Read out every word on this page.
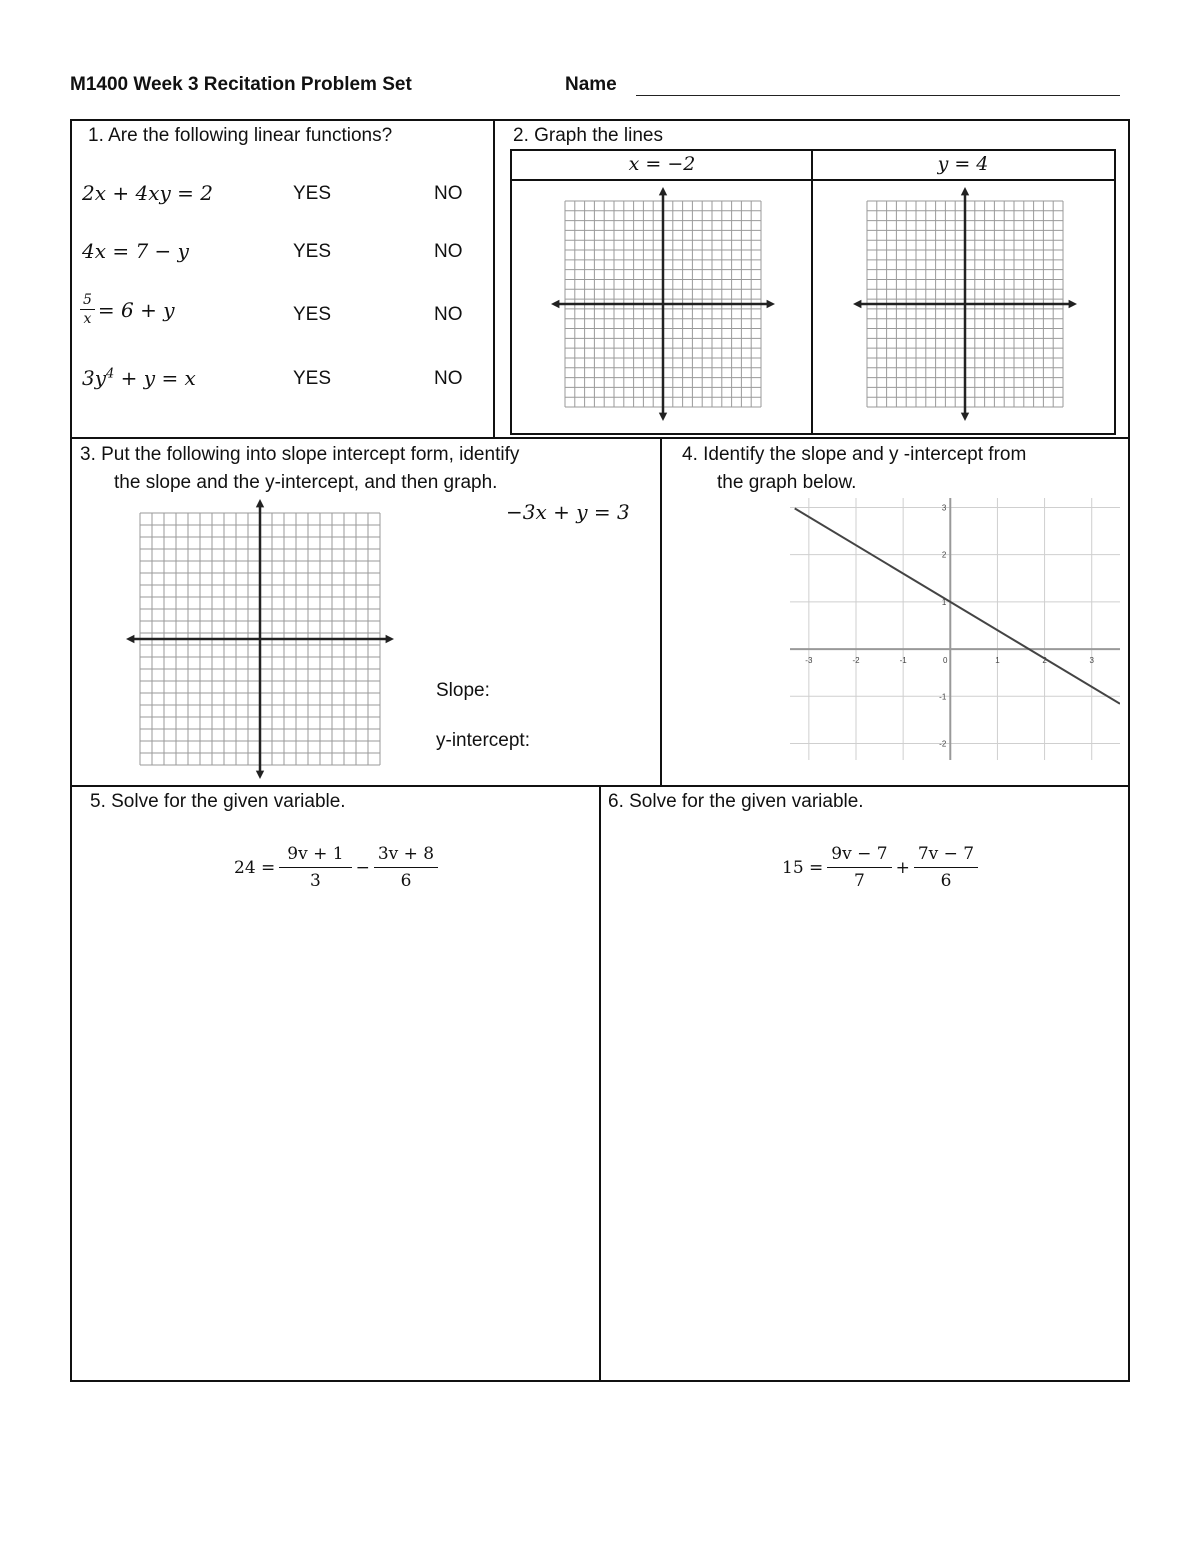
M1400 Week 3 Recitation Problem Set	Name
1. Are the following linear functions?
2x + 4xy = 2	YES	NO
4x = 7 − y	YES	NO
$\frac{5}{x} = 6 + y$	YES	NO
$3y^4 + y = x$	YES	NO
2. Graph the lines
x = −2	y = 4
3. Put the following into slope intercept form, identify
the slope and the y-intercept, and then graph.
−3x + y = 3
Slope:
y-intercept:
4. Identify the slope and y -intercept from
the graph below.
-3	-2	-1	0	1	2	3
3
2
1
-1
-2
5. Solve for the given variable.
$24 = \frac{9v + 1}{3} - \frac{3v + 8}{6}$
6. Solve for the given variable.
$15 = \frac{9v - 7}{7} + \frac{7v - 7}{6}$
